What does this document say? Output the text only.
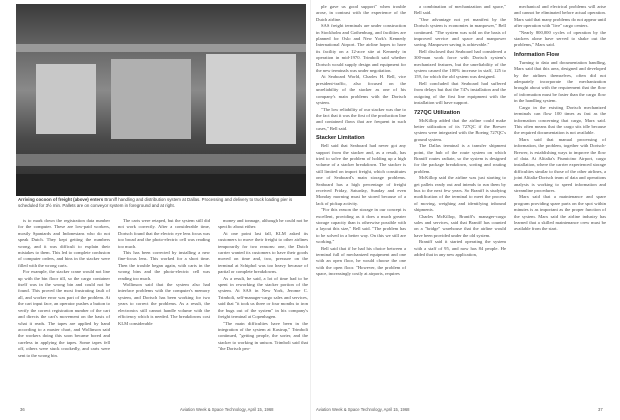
Arriving cocoon of freight (above) enters Braniff handling and distribution system at Dallas. Processing and delivery to truck loading pier is scheduled for 3½ min. Pallets are on conveyor system in foreground and at right.

is to mark down the registration data number for the computer. These are low-paid workers, mostly Spaniards and Indonesians who do not speak Dutch. They kept getting the numbers wrong, and it was difficult to explain their mistakes to them. This led to complete confusion of computer orders, and bins in the stacker were filled with the wrong carts.

For example, the stacker crane would not line up with the bin floor till, so the cargo container itself was in the wrong bin and could not be found. This proved the most frustrating fault of all, and worker error was part of the problem. At the cart input face, an operator pushes a button to verify the correct registration number of the cart and directs the cart's movement on the basis of what it reads. The tapes are applied by hand according to a master chart, and Wollinson said the workers doing this soon became bored and careless in applying the tapes. Some tapes fell off, others were stuck crookedly, and carts were sent to the wrong bin.

The carts were retaped, but the system still did not work correctly. After a considerable time, Dortsch found that the electric eye lens focus was too broad and the photo-electric cell was reading too much.

This has been corrected by installing a new fine-focus lens. This worked for a short time. Then the trouble began again, with carts in the wrong bins and the photo-electric cell was reading too much.

Wollinson said that the system also had interface problems with the computer's memory system, and Dortsch has been working for two years to correct the problems. As a result, the electronics still cannot handle volume with the efficiency which is needed. The breakdowns cost KLM considerable

money and tonnage, although he could not be specific about either.

At one point last fall, KLM asked its customers to move their freight to other airlines temporarily for two reasons: one, the Dutch carrier wanted its customers to have their goods moved on time and, two, pressure on the terminal at Schiphol was too heavy because of partial or complete breakdowns.

As a result, he said, a lot of time had to be spent in reworking the stacker portion of the system. At SAS in New York, Jerome C. Trimboli, self-manager-cargo sales and services, said that "it took us three or four months to iron the bugs out of the system" in his company's freight terminal at Copenhagen.

"The main difficulties have been in the integration of the system at Kastrup," Trimboli continued, "getting people, the sorter, and the stacker to working in unison. Trimboli said that "the Dortsch peo-

ple gave us good support" when trouble arose, in contrast with the experience of the Dutch airline.

SAS freight terminals are under construction in Stockholm and Gothenburg, and facilities are planned for Oslo and New York's Kennedy International Airport. The airline hopes to have its facility on a 12-acre site at Kennedy in operation in mid-1970. Trimboli said whether Dortsch would supply design and equipment for the new terminals was under negotiation.

At Seaboard World, Charles H. Bell, vice president-traffic, also focused on the unreliability of the stacker as one of his company's main problems with the Dortsch system.

"The low reliability of our stacker was due to the fact that it was the first of the production line and contained flaws that are frequent in such cases," Bell said.

Stacker Limitation

Bell said that Seaboard had never got any support from the stacker and, as a result, has tried to solve the problem of holding up a high volume of a stacker breakdown. The stacker is still limited on import freight, which constitutes one of Seaboard's main storage problems. Seaboard has a high percentage of freight received Friday, Saturday, Sunday and even Monday morning must be stored because of a lack of pickup activity.

"For this reason the storage in our concept is excellent, providing as it does a much greater storage capacity than is otherwise possible with a layout this size," Bell said. "The problem has to be solved in a better way. On this we still are working."

Bell said that if he had his choice between a terminal full of mechanized equipment and one with an open floor, he would choose the one with the open floor. "However, the problem of space, increasingly costly at airports, requires

a combination of mechanization and space," Bell said.

"One advantage not yet manifest by the Dortsch system is economies in manpower," Bell continued. "The system was sold on the basis of improved service and space and manpower saving. Manpower saving is achievable."

Bell disclosed that Seaboard had considered a 300-man work force with Dortsch system's mechanized features, but the unreliability of the system caused the 100% increase in staff, 125 to 159, for which the old system was designed.

Bell concluded that Seaboard had suffered from delays but that the 747s installation and the outgoing of the first line equipment with the installation will have support.

727QC Utilization

McKillop added that the airline could make better utilization of its 727QC if the Brewer system were integrated with the Boeing 727QC's ground system.

The Dallas terminal is a transfer shipment point, the hub of the route system on which Braniff routes radiate, so the system is designed for the package breakdown, sorting and routing problem.

McKillop said the airline was just starting to get pallets ready out and intends to run them by bus to the next few years. So Braniff is studying modification of the terminal to meet the process of moving, weighing and identifying inbound shipments.

Charles McKillop, Braniff's manager-cargo sales and services, said that Braniff has counted on a "bridge" warehouse that the airline would have been provided under the old system.

Braniff said it started operating the system with a staff of 95, and now has 84 people. He added that in any new application,

mechanical and electrical problems will arise and cannot be eliminated before actual operation. Marx said that many problems do not appear until after operation with "live" cargo centers.

"Nearly 800,000 cycles of operation by the stackers alone have served to shake out the problems," Marx said.

Information Flow

Turning to data and documentation handling, Marx said that this area, designed and developed by the airlines themselves, often did not adequately incorporate the mechanization brought about with the requirement that the flow of information must be faster than the cargo flow in the handling system.

Cargo in the existing Dortsch mechanized terminals can flow 100 times as fast as the information concerning that cargo, Marx said. This often means that the cargo sits idle because the required documentation is not available.

Marx said that manual processing of information, the problem, together with Dortsch-Brewer, is establishing ways to improve the flow of data. At Alitalia's Fiumicino Airport, cargo installation, where the carrier experienced storage difficulties similar to those of the other airlines, a joint Alitalia-Dortsch team of data and operations analysts is working to speed information and streamline procedures.

Marx said that a maintenance and spare program providing spare parts on the spot within minutes is as important as the proper function of the system. Marx said the airline industry has learned that a skilled maintenance crew must be available from the start.

36	Aviation Week & Space Technology, April 15, 1968	Aviation Week & Space Technology, April 15, 1968	37
